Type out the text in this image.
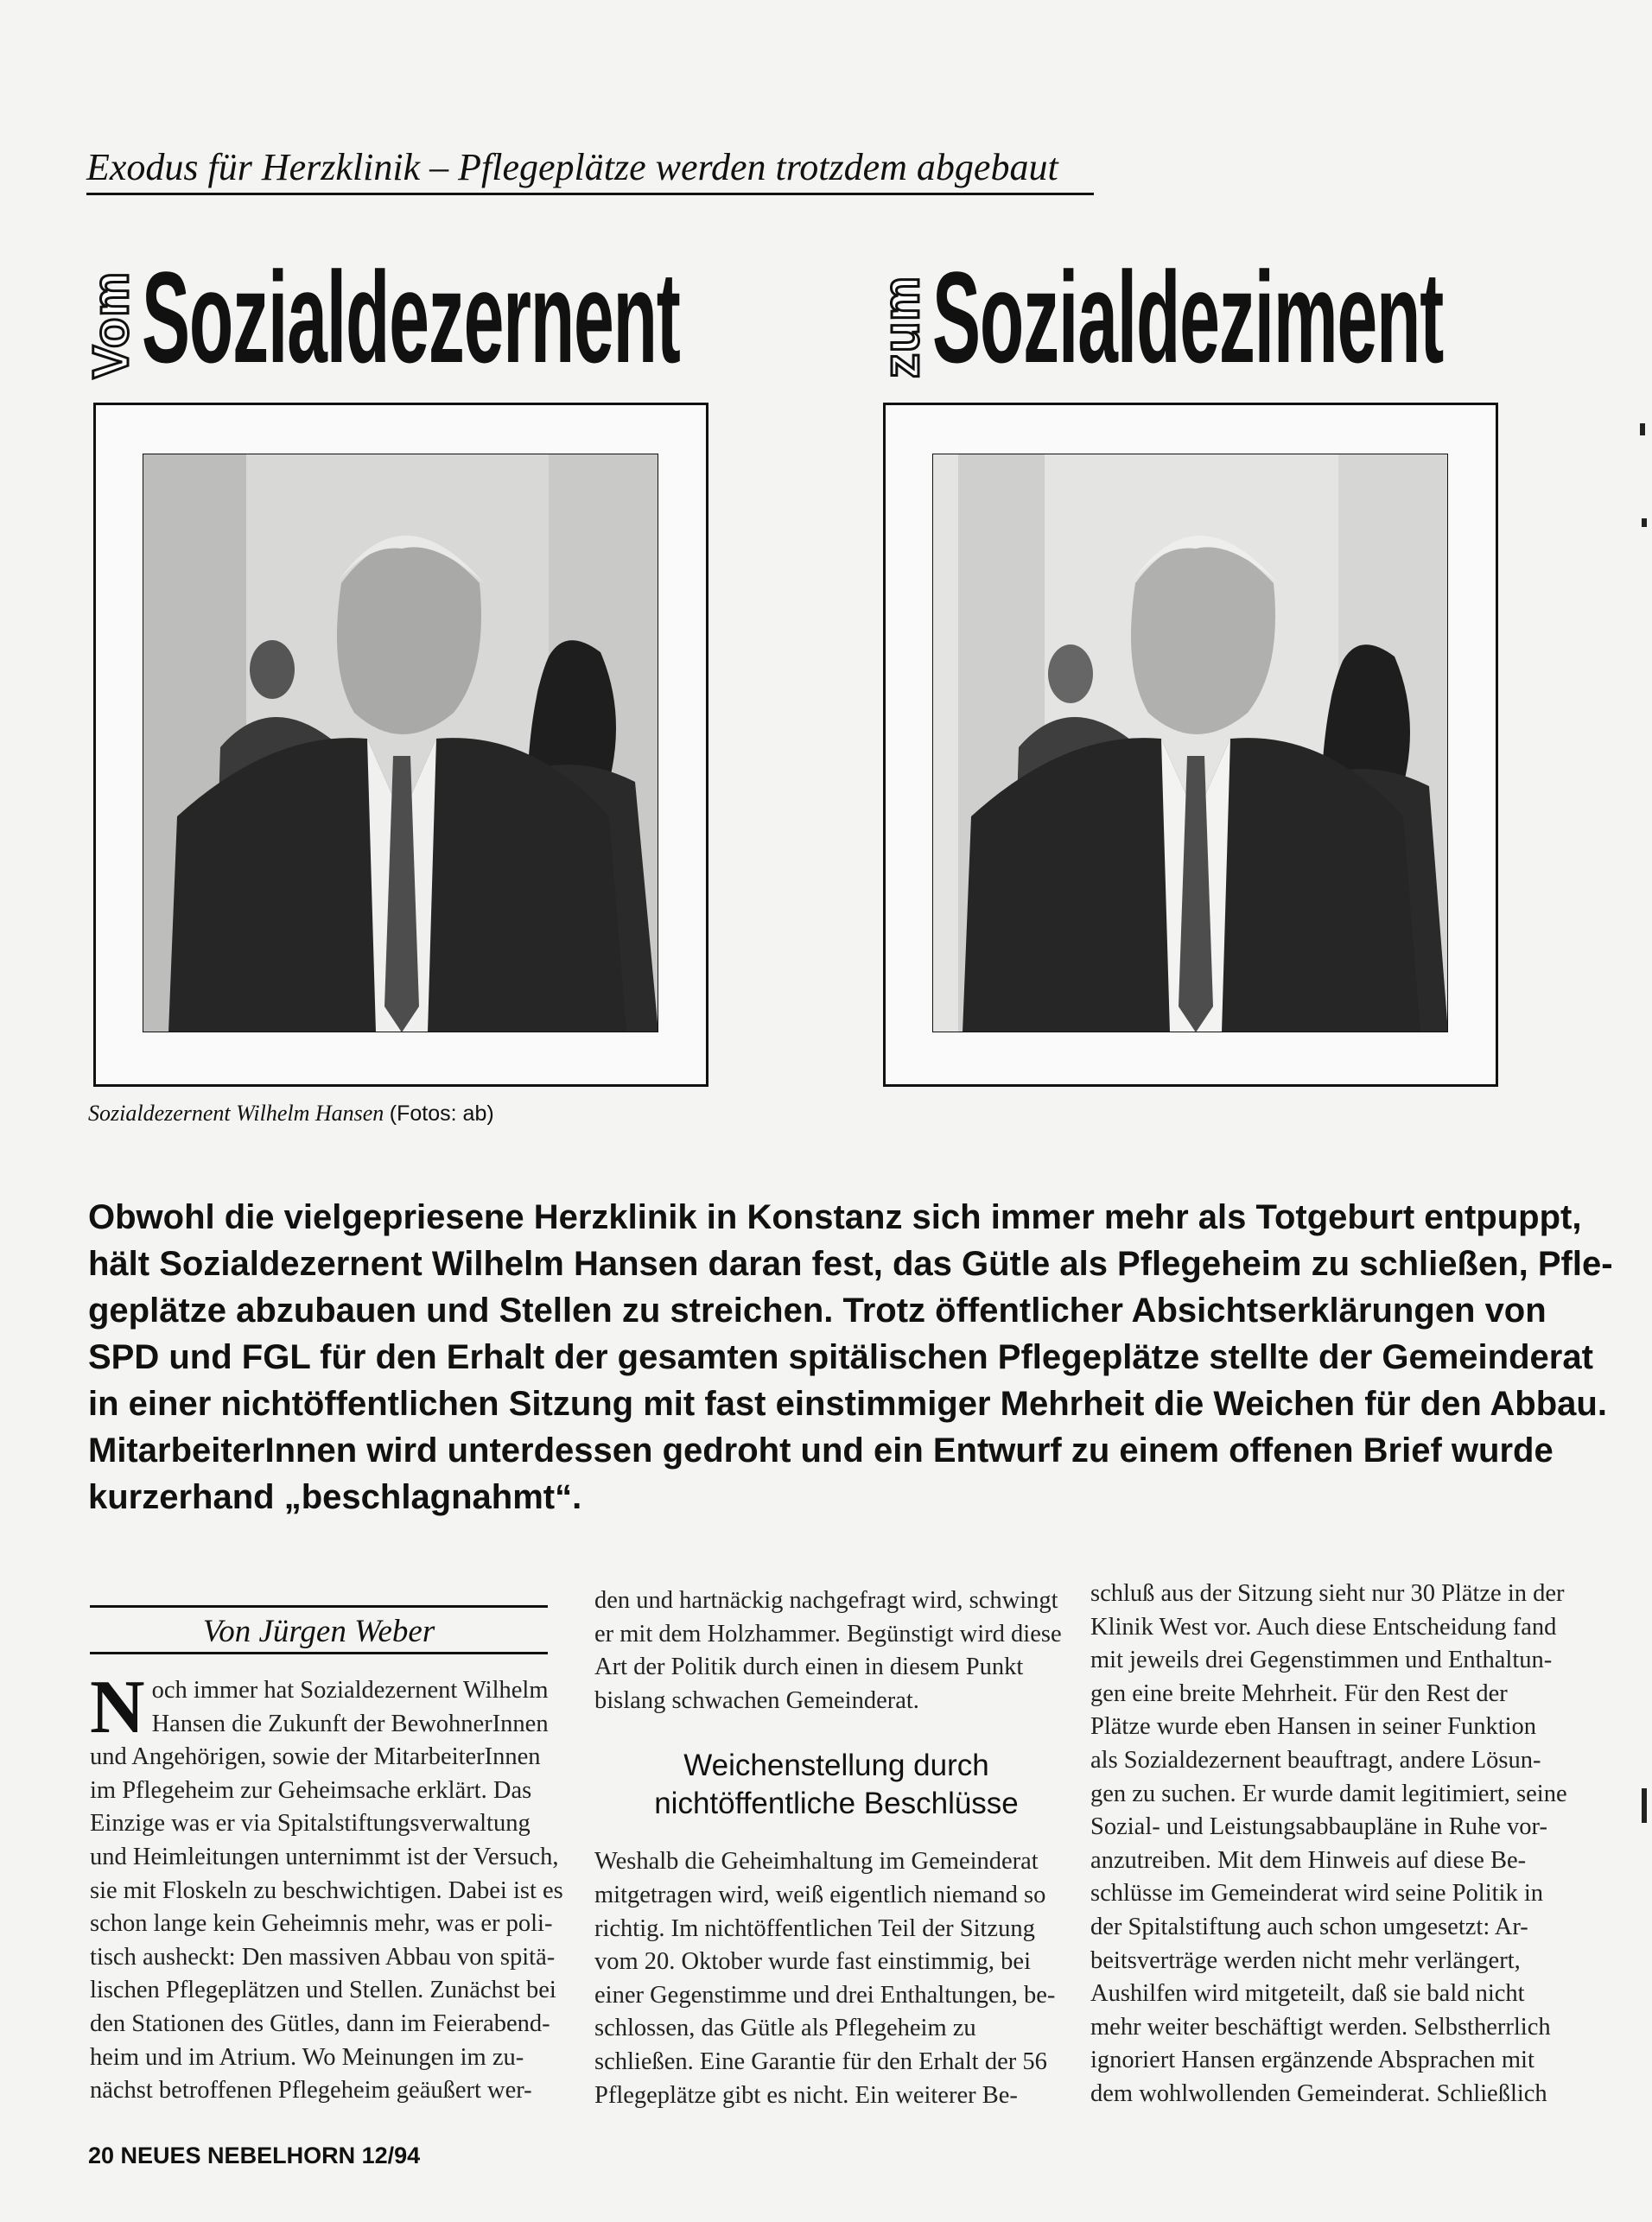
Exodus für Herzklinik – Pflegeplätze werden trotzdem abgebaut
Vom Sozialdezernent	zum Sozialdeziment
Sozialdezernent Wilhelm Hansen (Fotos: ab)
Obwohl die vielgepriesene Herzklinik in Konstanz sich immer mehr als Totgeburt entpuppt,
hält Sozialdezernent Wilhelm Hansen daran fest, das Gütle als Pflegeheim zu schließen, Pfle-
geplätze abzubauen und Stellen zu streichen. Trotz öffentlicher Absichtserklärungen von
SPD und FGL für den Erhalt der gesamten spitälischen Pflegeplätze stellte der Gemeinderat
in einer nichtöffentlichen Sitzung mit fast einstimmiger Mehrheit die Weichen für den Abbau.
MitarbeiterInnen wird unterdessen gedroht und ein Entwurf zu einem offenen Brief wurde
kurzerhand „beschlagnahmt“.
Von Jürgen Weber
N och immer hat Sozialdezernent Wilhelm
Hansen die Zukunft der BewohnerInnen
und Angehörigen, sowie der MitarbeiterInnen
im Pflegeheim zur Geheimsache erklärt. Das
Einzige was er via Spitalstiftungsverwaltung
und Heimleitungen unternimmt ist der Versuch,
sie mit Floskeln zu beschwichtigen. Dabei ist es
schon lange kein Geheimnis mehr, was er poli-
tisch ausheckt: Den massiven Abbau von spitä-
lischen Pflegeplätzen und Stellen. Zunächst bei
den Stationen des Gütles, dann im Feierabend-
heim und im Atrium. Wo Meinungen im zu-
nächst betroffenen Pflegeheim geäußert wer-
den und hartnäckig nachgefragt wird, schwingt
er mit dem Holzhammer. Begünstigt wird diese
Art der Politik durch einen in diesem Punkt
bislang schwachen Gemeinderat.
Weichenstellung durch
nichtöffentliche Beschlüsse
Weshalb die Geheimhaltung im Gemeinderat
mitgetragen wird, weiß eigentlich niemand so
richtig. Im nichtöffentlichen Teil der Sitzung
vom 20. Oktober wurde fast einstimmig, bei
einer Gegenstimme und drei Enthaltungen, be-
schlossen, das Gütle als Pflegeheim zu
schließen. Eine Garantie für den Erhalt der 56
Pflegeplätze gibt es nicht. Ein weiterer Be-
schluß aus der Sitzung sieht nur 30 Plätze in der
Klinik West vor. Auch diese Entscheidung fand
mit jeweils drei Gegenstimmen und Enthaltun-
gen eine breite Mehrheit. Für den Rest der
Plätze wurde eben Hansen in seiner Funktion
als Sozialdezernent beauftragt, andere Lösun-
gen zu suchen. Er wurde damit legitimiert, seine
Sozial- und Leistungsabbaupläne in Ruhe vor-
anzutreiben. Mit dem Hinweis auf diese Be-
schlüsse im Gemeinderat wird seine Politik in
der Spitalstiftung auch schon umgesetzt: Ar-
beitsverträge werden nicht mehr verlängert,
Aushilfen wird mitgeteilt, daß sie bald nicht
mehr weiter beschäftigt werden. Selbstherrlich
ignoriert Hansen ergänzende Absprachen mit
dem wohlwollenden Gemeinderat. Schließlich
20 NEUES NEBELHORN 12/94
